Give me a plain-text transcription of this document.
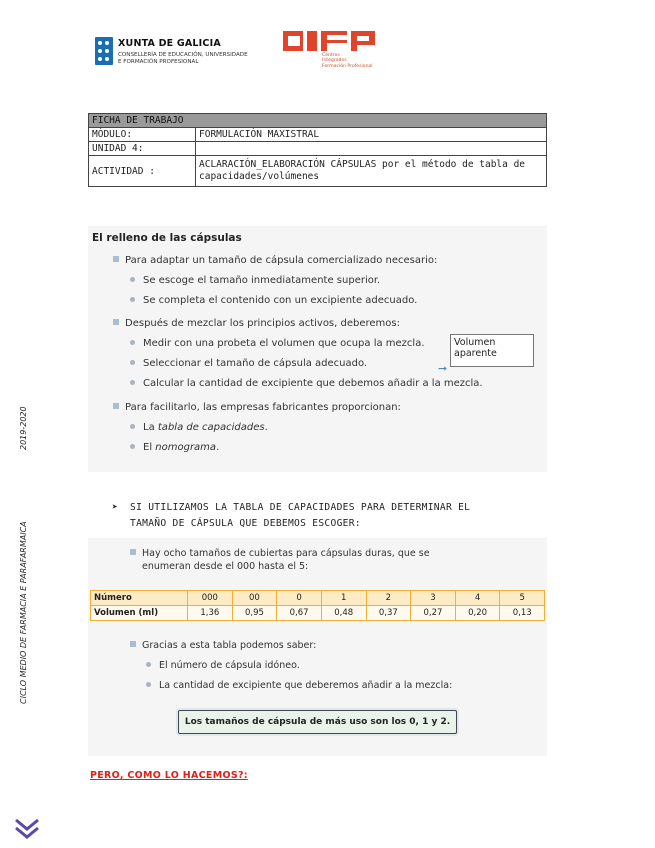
XUNTA DE GALICIA
CONSELLERÍA DE EDUCACIÓN, UNIVERSIDADE
E FORMACIÓN PROFESIONAL
Centros
Integrados
Formación Profesional
FICHA DE TRABAJO	
MÓDULO:	FORMULACIÓN MAXISTRAL
UNIDAD 4:	
ACTIVIDAD :	ACLARACIÓN_ELABORACIÓN CÁPSULAS por el método de tabla de capacidades/volúmenes
El relleno de las cápsulas
Para adaptar un tamaño de cápsula comercializado necesario:
Se escoge el tamaño inmediatamente superior.
Se completa el contenido con un excipiente adecuado.
Después de mezclar los principios activos, deberemos:
Medir con una probeta el volumen que ocupa la mezcla.
Seleccionar el tamaño de cápsula adecuado.
Calcular la cantidad de excipiente que debemos añadir a la mezcla.
Volumen
aparente
➞
Para facilitarlo, las empresas fabricantes proporcionan:
La tabla de capacidades.
El nomograma.
➤ SI UTILIZAMOS LA TABLA DE CAPACIDADES PARA DETERMINAR EL
TAMAÑO DE CÁPSULA QUE DEBEMOS ESCOGER:
Hay ocho tamaños de cubiertas para cápsulas duras, que se
enumeran desde el 000 hasta el 5:
Número	000	00	0	1	2	3	4	5
Volumen (ml)	1,36	0,95	0,67	0,48	0,37	0,27	0,20	0,13
Gracias a esta tabla podemos saber:
El número de cápsula idóneo.
La cantidad de excipiente que deberemos añadir a la mezcla:
Los tamaños de cápsula de más uso son los 0, 1 y 2.
PERO, COMO LO HACEMOS?:
CICLO MEDIO DE FARMACIA E PARAFARMAICA
2019-2020
